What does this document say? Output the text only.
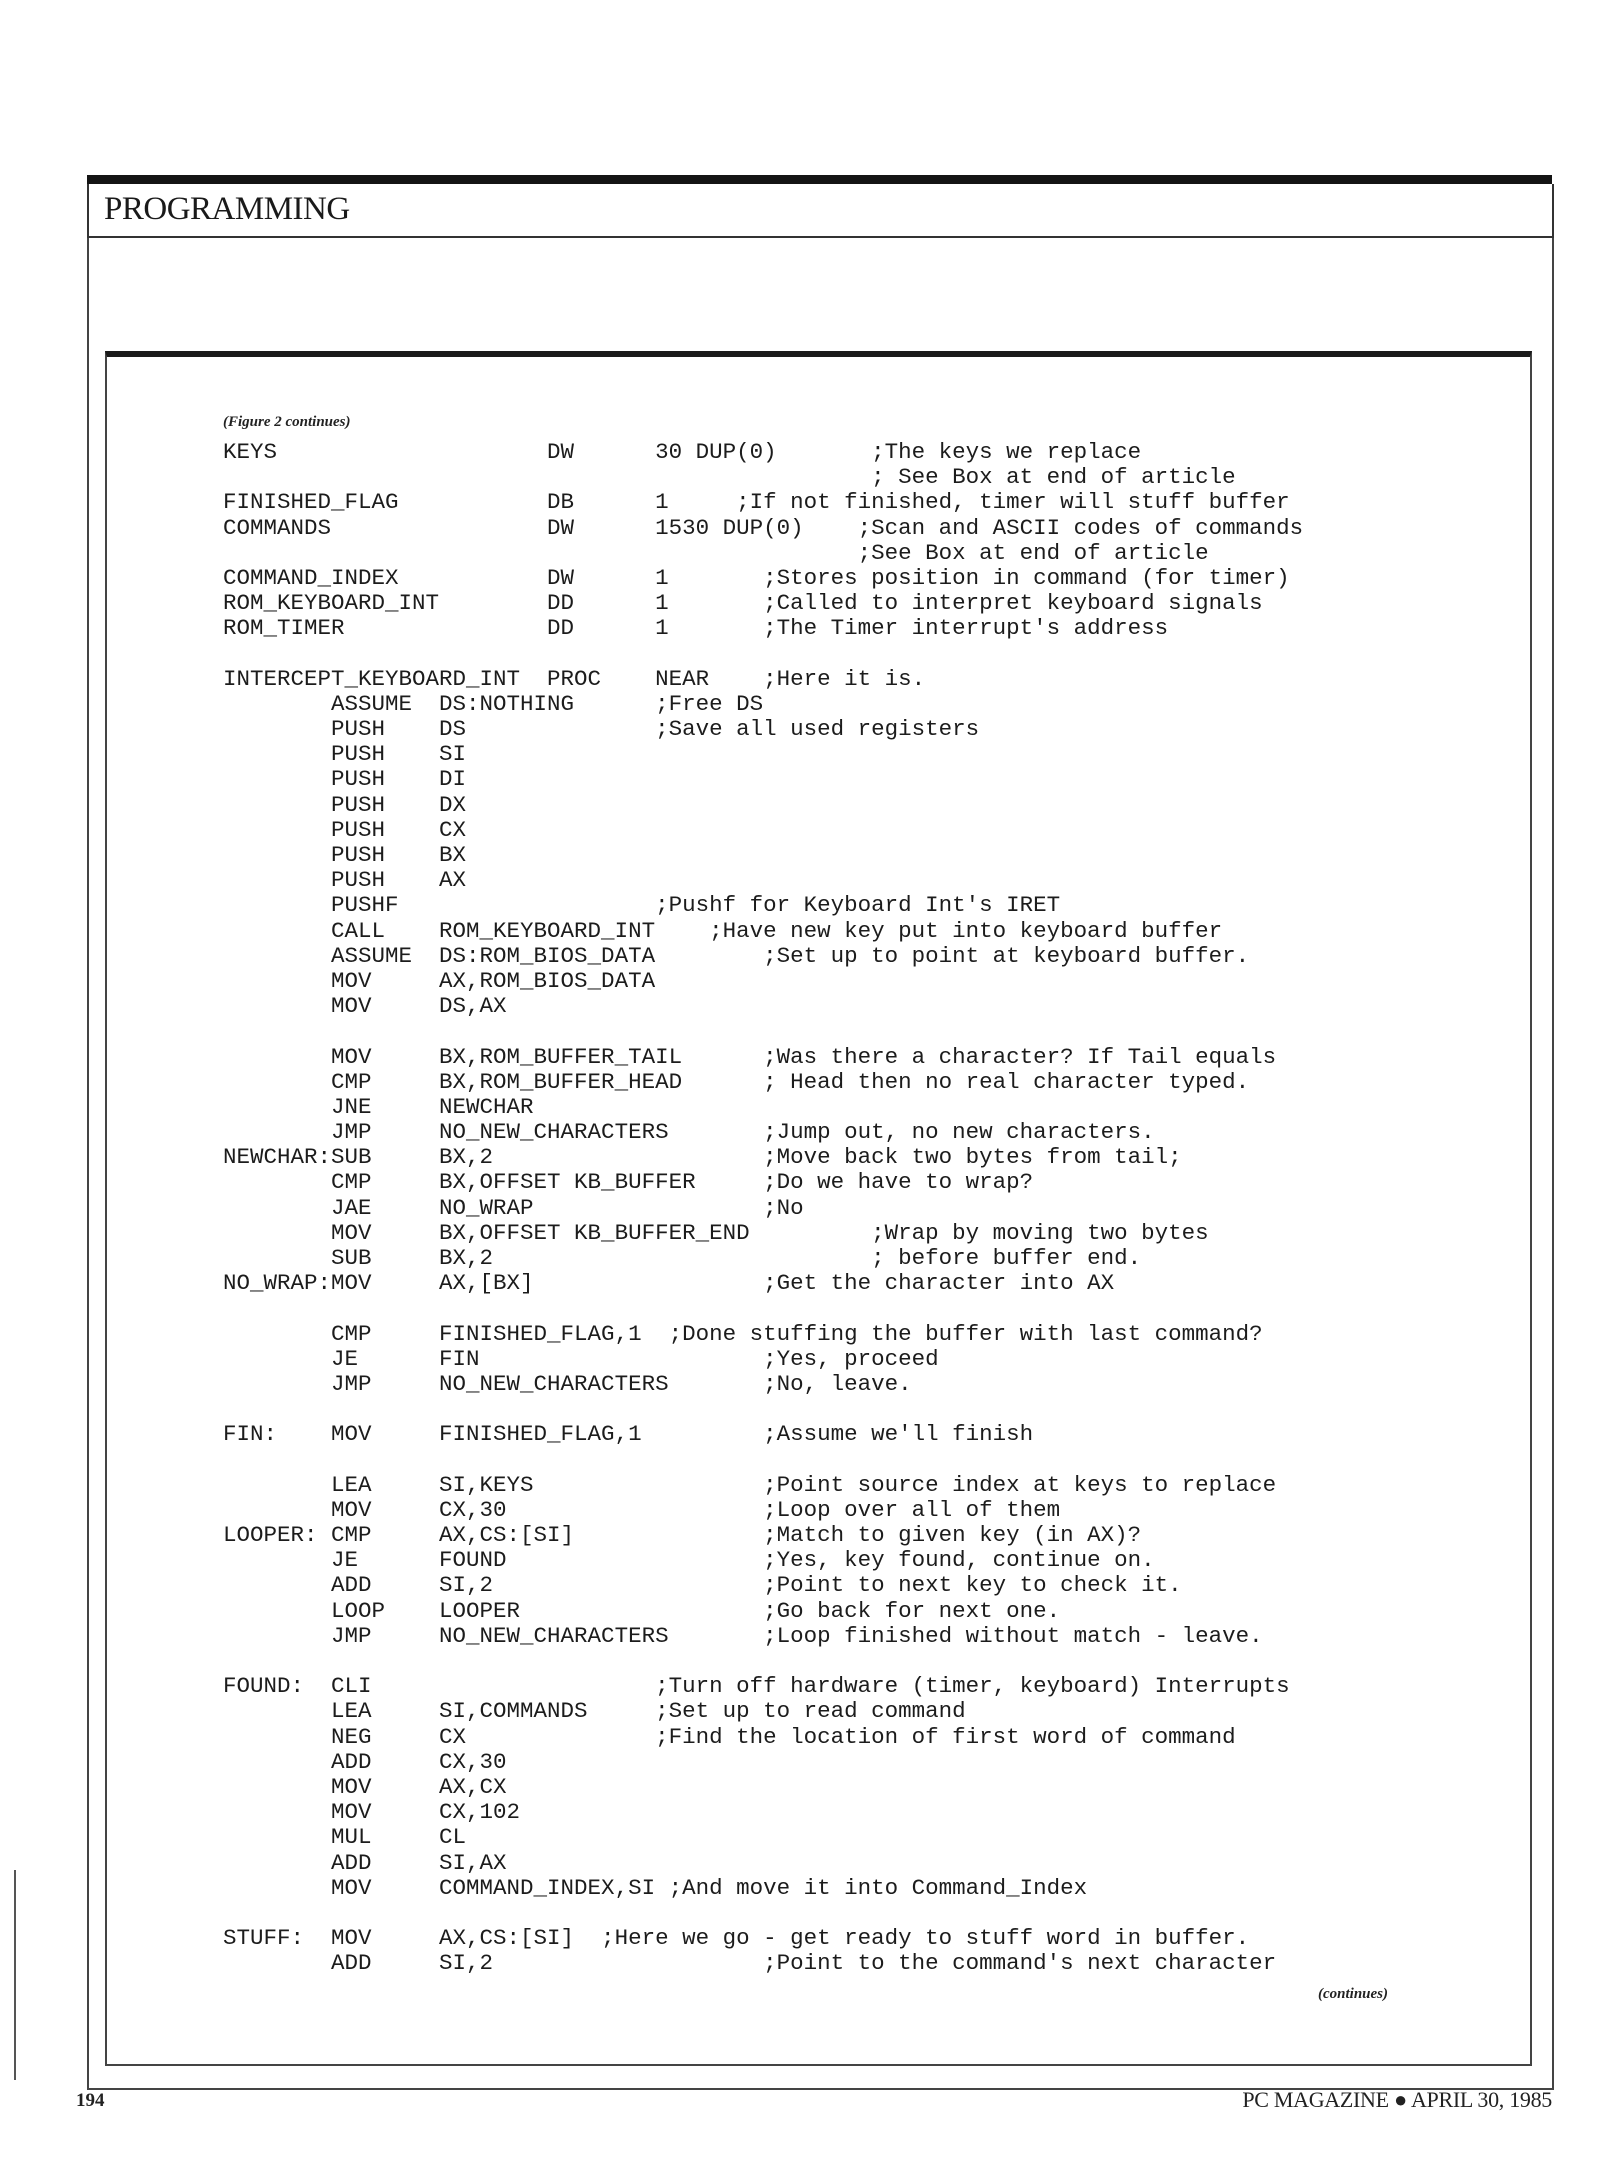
PROGRAMMING
(Figure 2 continues)
KEYS                    DW      30 DUP(0)       ;The keys we replace
; See Box at end of article
FINISHED_FLAG           DB      1     ;If not finished, timer will stuff buffer
COMMANDS                DW      1530 DUP(0)    ;Scan and ASCII codes of commands
;See Box at end of article
COMMAND_INDEX           DW      1       ;Stores position in command (for timer)
ROM_KEYBOARD_INT        DD      1       ;Called to interpret keyboard signals
ROM_TIMER               DD      1       ;The Timer interrupt's address
INTERCEPT_KEYBOARD_INT  PROC    NEAR    ;Here it is.
ASSUME  DS:NOTHING      ;Free DS
PUSH    DS              ;Save all used registers
PUSH    SI
PUSH    DI
PUSH    DX
PUSH    CX
PUSH    BX
PUSH    AX
PUSHF                   ;Pushf for Keyboard Int's IRET
CALL    ROM_KEYBOARD_INT    ;Have new key put into keyboard buffer
ASSUME  DS:ROM_BIOS_DATA        ;Set up to point at keyboard buffer.
MOV     AX,ROM_BIOS_DATA
MOV     DS,AX
MOV     BX,ROM_BUFFER_TAIL      ;Was there a character? If Tail equals
CMP     BX,ROM_BUFFER_HEAD      ; Head then no real character typed.
JNE     NEWCHAR
JMP     NO_NEW_CHARACTERS       ;Jump out, no new characters.
NEWCHAR:SUB     BX,2                    ;Move back two bytes from tail;
CMP     BX,OFFSET KB_BUFFER     ;Do we have to wrap?
JAE     NO_WRAP                 ;No
MOV     BX,OFFSET KB_BUFFER_END         ;Wrap by moving two bytes
SUB     BX,2                            ; before buffer end.
NO_WRAP:MOV     AX,[BX]                 ;Get the character into AX
CMP     FINISHED_FLAG,1  ;Done stuffing the buffer with last command?
JE      FIN                     ;Yes, proceed
JMP     NO_NEW_CHARACTERS       ;No, leave.
FIN:    MOV     FINISHED_FLAG,1         ;Assume we'll finish
LEA     SI,KEYS                 ;Point source index at keys to replace
MOV     CX,30                   ;Loop over all of them
LOOPER: CMP     AX,CS:[SI]              ;Match to given key (in AX)?
JE      FOUND                   ;Yes, key found, continue on.
ADD     SI,2                    ;Point to next key to check it.
LOOP    LOOPER                  ;Go back for next one.
JMP     NO_NEW_CHARACTERS       ;Loop finished without match - leave.
FOUND:  CLI                     ;Turn off hardware (timer, keyboard) Interrupts
LEA     SI,COMMANDS     ;Set up to read command
NEG     CX              ;Find the location of first word of command
ADD     CX,30
MOV     AX,CX
MOV     CX,102
MUL     CL
ADD     SI,AX
MOV     COMMAND_INDEX,SI ;And move it into Command_Index
STUFF:  MOV     AX,CS:[SI]  ;Here we go - get ready to stuff word in buffer.
ADD     SI,2                    ;Point to the command's next character
(continues)
194	PC MAGAZINE ● APRIL 30, 1985
